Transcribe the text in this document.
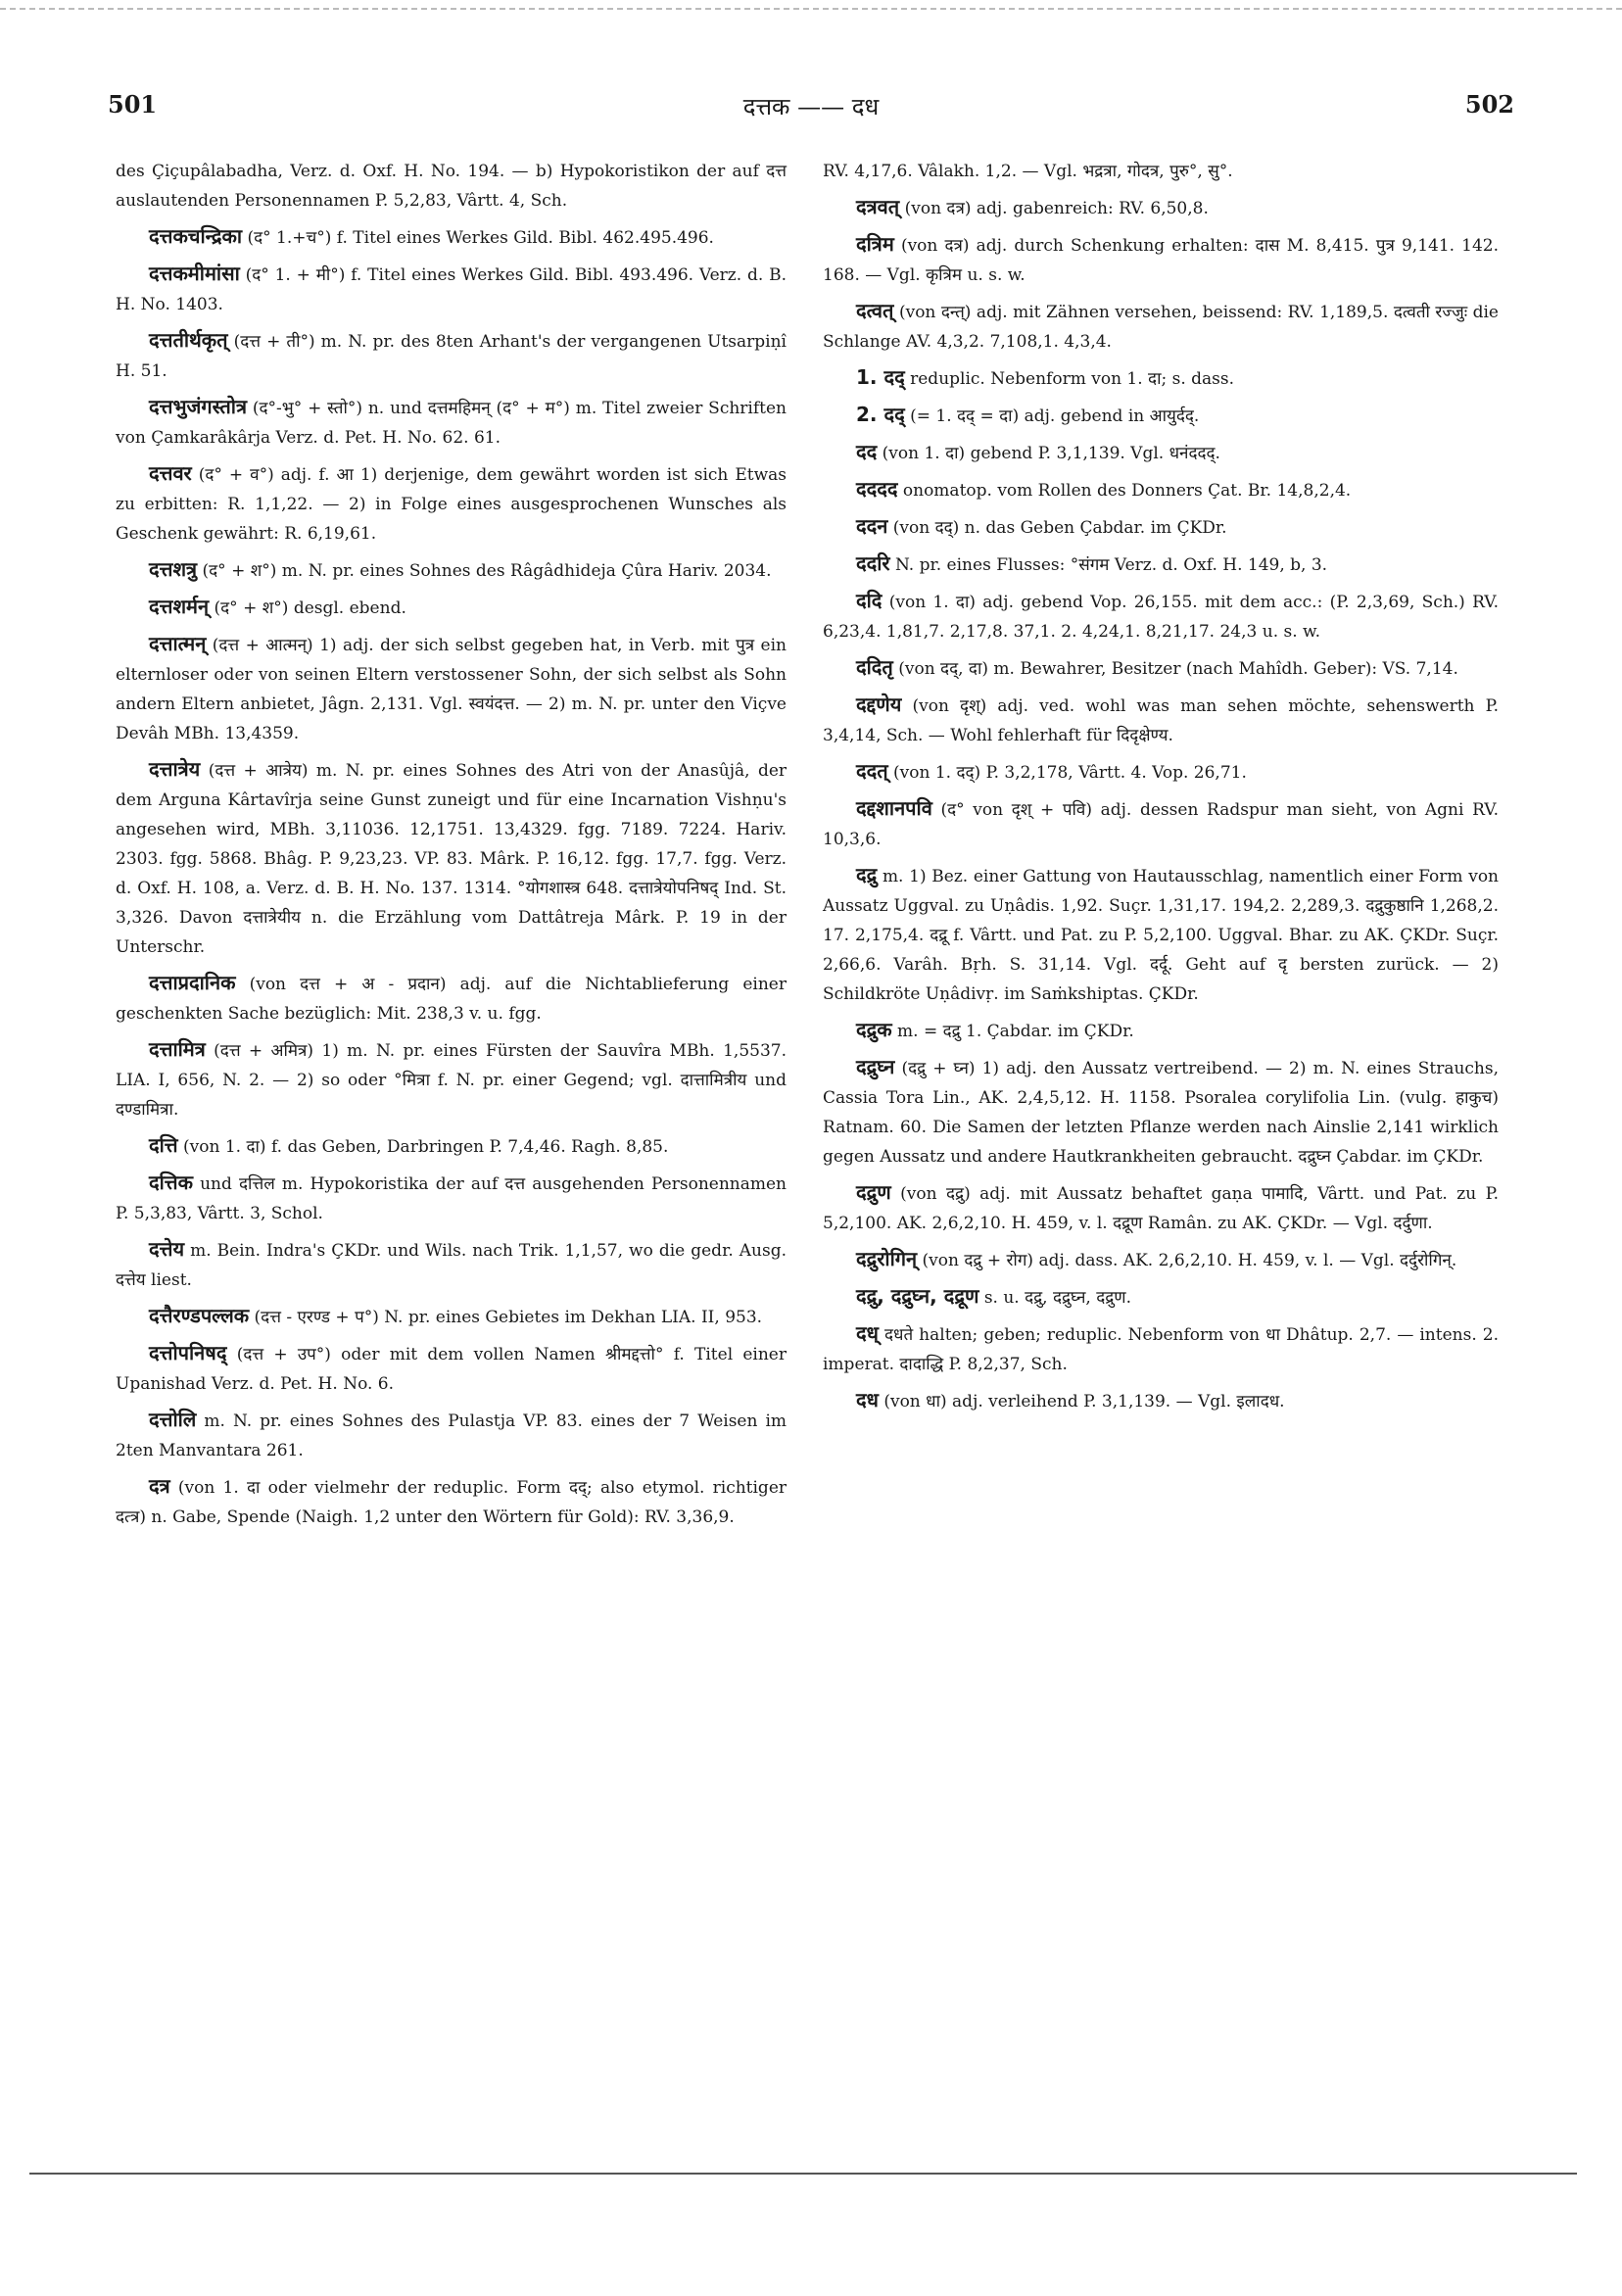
501	दत्तक —— दध	502

des Çiçupâlabadha, Verz. d. Oxf. H. No. 194. — b) Hypokoristikon der auf दत्त auslautenden Personennamen P. 5,2,83, Vârtt. 4, Sch.

दत्तकचन्द्रिका (द° 1.+च°) f. Titel eines Werkes Gild. Bibl. 462.495.496.

दत्तकमीमांसा (द° 1. + मी°) f. Titel eines Werkes Gild. Bibl. 493.496. Verz. d. B. H. No. 1403.

दत्ततीर्थकृत् (दत्त + ती°) m. N. pr. des 8ten Arhant's der vergangenen Utsarpiṇî H. 51.

दत्तभुजंगस्तोत्र (द°-भु° + स्तो°) n. und दत्तमहिमन् (द° + म°) m. Titel zweier Schriften von Çamkarâkârja Verz. d. Pet. H. No. 62. 61.

दत्तवर (द° + व°) adj. f. आ 1) derjenige, dem gewährt worden ist sich Etwas zu erbitten: R. 1,1,22. — 2) in Folge eines ausgesprochenen Wunsches als Geschenk gewährt: R. 6,19,61.

दत्तशत्रु (द° + श°) m. N. pr. eines Sohnes des Râgâdhideja Çûra Hariv. 2034.

दत्तशर्मन् (द° + श°) desgl. ebend.

दत्तात्मन् (दत्त + आत्मन्) 1) adj. der sich selbst gegeben hat, in Verb. mit पुत्र ein elternloser oder von seinen Eltern verstossener Sohn, der sich selbst als Sohn andern Eltern anbietet, Jâgn. 2,131. Vgl. स्वयंदत्त. — 2) m. N. pr. unter den Viçve Devâh MBh. 13,4359.

दत्तात्रेय (दत्त + आत्रेय) m. N. pr. eines Sohnes des Atri von der Anasûjâ, der dem Arguna Kârtavîrja seine Gunst zuneigt und für eine Incarnation Vishṇu's angesehen wird, MBh. 3,11036. 12,1751. 13,4329. fgg. 7189. 7224. Hariv. 2303. fgg. 5868. Bhâg. P. 9,23,23. VP. 83. Mârk. P. 16,12. fgg. 17,7. fgg. Verz. d. Oxf. H. 108, a. Verz. d. B. H. No. 137. 1314. °योगशास्त्र 648. दत्तात्रेयोपनिषद् Ind. St. 3,326. Davon दत्तात्रेयीय n. die Erzählung vom Dattâtreja Mârk. P. 19 in der Unterschr.

दत्ताप्रदानिक (von दत्त + अ - प्रदान) adj. auf die Nichtablieferung einer geschenkten Sache bezüglich: Mit. 238,3 v. u. fgg.

दत्तामित्र (दत्त + अमित्र) 1) m. N. pr. eines Fürsten der Sauvîra MBh. 1,5537. LIA. I, 656, N. 2. — 2) so oder °मित्रा f. N. pr. einer Gegend; vgl. दात्तामित्रीय und दण्डामित्रा.

दत्ति (von 1. दा) f. das Geben, Darbringen P. 7,4,46. Ragh. 8,85.

दत्तिक und दत्तिल m. Hypokoristika der auf दत्त ausgehenden Personennamen P. 5,3,83, Vârtt. 3, Schol.

दत्तेय m. Bein. Indra's ÇKDr. und Wils. nach Trik. 1,1,57, wo die gedr. Ausg. दत्तेय liest.

दत्तैरण्डपल्लक (दत्त - एरण्ड + प°) N. pr. eines Gebietes im Dekhan LIA. II, 953.

दत्तोपनिषद् (दत्त + उप°) oder mit dem vollen Namen श्रीमद्दत्तो° f. Titel einer Upanishad Verz. d. Pet. H. No. 6.

दत्तोलि m. N. pr. eines Sohnes des Pulastja VP. 83. eines der 7 Weisen im 2ten Manvantara 261.

दत्र (von 1. दा oder vielmehr der reduplic. Form दद्; also etymol. richtiger दत्त्र) n. Gabe, Spende (Naigh. 1,2 unter den Wörtern für Gold): RV. 3,36,9.

RV. 4,17,6. Vâlakh. 1,2. — Vgl. भद्रत्रा, गोदत्र, पुरु°, सु°.

दत्रवत् (von दत्र) adj. gabenreich: RV. 6,50,8.

दत्रिम (von दत्र) adj. durch Schenkung erhalten: दास M. 8,415. पुत्र 9,141. 142. 168. — Vgl. कृत्रिम u. s. w.

दत्वत् (von दन्त्) adj. mit Zähnen versehen, beissend: RV. 1,189,5. दत्वती रज्जुः die Schlange AV. 4,3,2. 7,108,1. 4,3,4.

1. दद् reduplic. Nebenform von 1. दा; s. dass.

2. दद् (= 1. दद् = दा) adj. gebend in आयुर्दद्.

दद (von 1. दा) gebend P. 3,1,139. Vgl. धनंददद्.

दददद onomatop. vom Rollen des Donners Çat. Br. 14,8,2,4.

ददन (von दद्) n. das Geben Çabdar. im ÇKDr.

ददरि N. pr. eines Flusses: °संगम Verz. d. Oxf. H. 149, b, 3.

ददि (von 1. दा) adj. gebend Vop. 26,155. mit dem acc.: (P. 2,3,69, Sch.) RV. 6,23,4. 1,81,7. 2,17,8. 37,1. 2. 4,24,1. 8,21,17. 24,3 u. s. w.

ददितृ (von दद्, दा) m. Bewahrer, Besitzer (nach Mahîdh. Geber): VS. 7,14.

दद्दणेय (von दृश्) adj. ved. wohl was man sehen möchte, sehenswerth P. 3,4,14, Sch. — Wohl fehlerhaft für दिदृक्षेण्य.

ददत् (von 1. दद्) P. 3,2,178, Vârtt. 4. Vop. 26,71.

दद्दशानपवि (द° von दृश् + पवि) adj. dessen Radspur man sieht, von Agni RV. 10,3,6.

दद्रु m. 1) Bez. einer Gattung von Hautausschlag, namentlich einer Form von Aussatz Uggval. zu Uṇâdis. 1,92. Suçr. 1,31,17. 194,2. 2,289,3. दद्रुकुष्ठानि 1,268,2. 17. 2,175,4. दद्रू f. Vârtt. und Pat. zu P. 5,2,100. Uggval. Bhar. zu AK. ÇKDr. Suçr. 2,66,6. Varâh. Bṛh. S. 31,14. Vgl. दर्दू. Geht auf दृ bersten zurück. — 2) Schildkröte Uṇâdivṛ. im Saṁkshiptas. ÇKDr.

दद्रुक m. = दद्रु 1. Çabdar. im ÇKDr.

दद्रुघ्न (दद्रु + घ्न) 1) adj. den Aussatz vertreibend. — 2) m. N. eines Strauchs, Cassia Tora Lin., AK. 2,4,5,12. H. 1158. Psoralea corylifolia Lin. (vulg. हाकुच) Ratnam. 60. Die Samen der letzten Pflanze werden nach Ainslie 2,141 wirklich gegen Aussatz und andere Hautkrankheiten gebraucht. दद्रुघ्न Çabdar. im ÇKDr.

दद्रुण (von दद्रु) adj. mit Aussatz behaftet gaṇa पामादि, Vârtt. und Pat. zu P. 5,2,100. AK. 2,6,2,10. H. 459, v. l. दद्रूण Ramân. zu AK. ÇKDr. — Vgl. दर्दुणा.

दद्रुरोगिन् (von दद्रु + रोग) adj. dass. AK. 2,6,2,10. H. 459, v. l. — Vgl. दर्दुरोगिन्.

दद्रु, दद्रुघ्न, दद्रूण s. u. दद्रु, दद्रुघ्न, दद्रुण.

दध् दधते halten; geben; reduplic. Nebenform von धा Dhâtup. 2,7. — intens. 2. imperat. दादाद्धि P. 8,2,37, Sch.

दध (von धा) adj. verleihend P. 3,1,139. — Vgl. इलादध.
